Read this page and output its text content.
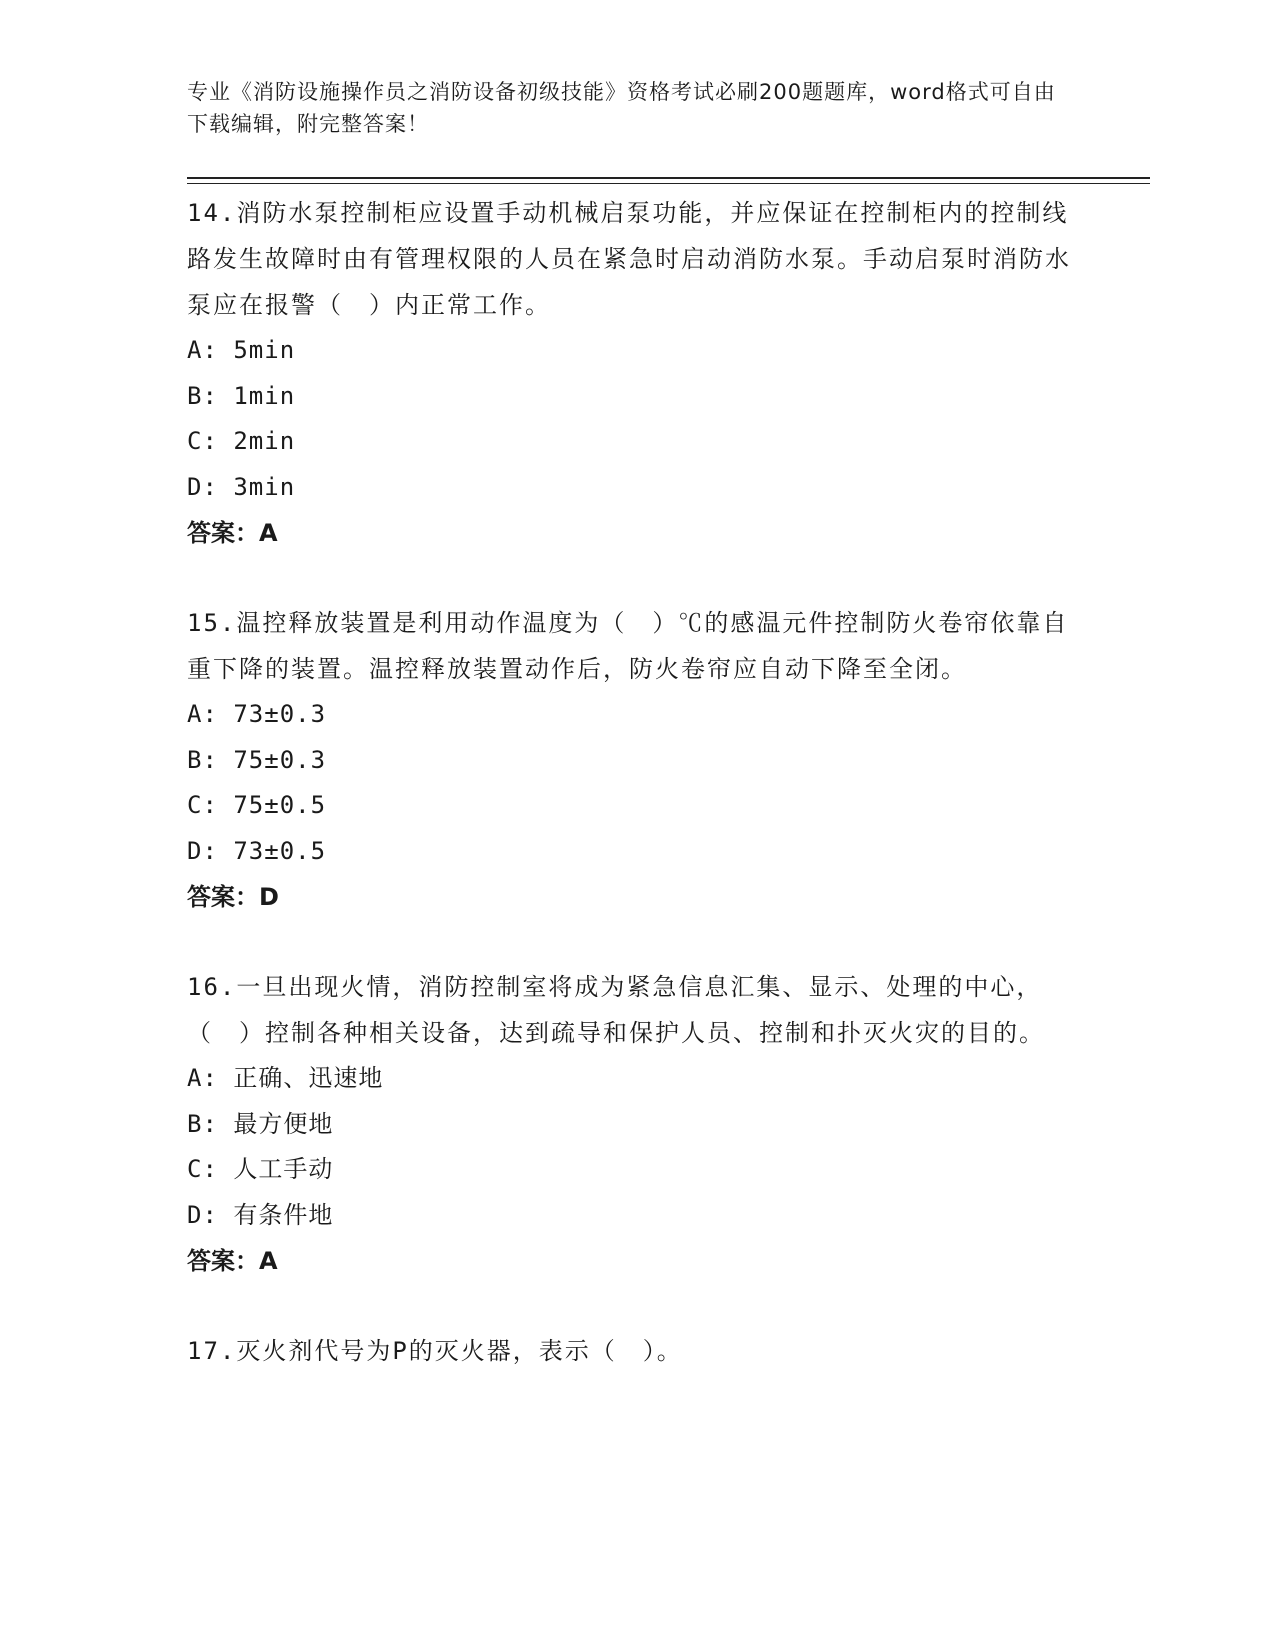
专业《消防设施操作员之消防设备初级技能》资格考试必刷200题题库，word格式可自由下载编辑，附完整答案！

14.消防水泵控制柜应设置手动机械启泵功能，并应保证在控制柜内的控制线路发生故障时由有管理权限的人员在紧急时启动消防水泵。手动启泵时消防水泵应在报警（　）内正常工作。

A: 5min

B: 1min

C: 2min

D: 3min

答案：A

15.温控释放装置是利用动作温度为（　）℃的感温元件控制防火卷帘依靠自重下降的装置。温控释放装置动作后，防火卷帘应自动下降至全闭。

A: 73±0.3

B: 75±0.3

C: 75±0.5

D: 73±0.5

答案：D

16.一旦出现火情，消防控制室将成为紧急信息汇集、显示、处理的中心，（　）控制各种相关设备，达到疏导和保护人员、控制和扑灭火灾的目的。

A: 正确、迅速地

B: 最方便地

C: 人工手动

D: 有条件地

答案：A

17.灭火剂代号为P的灭火器，表示（　）。
